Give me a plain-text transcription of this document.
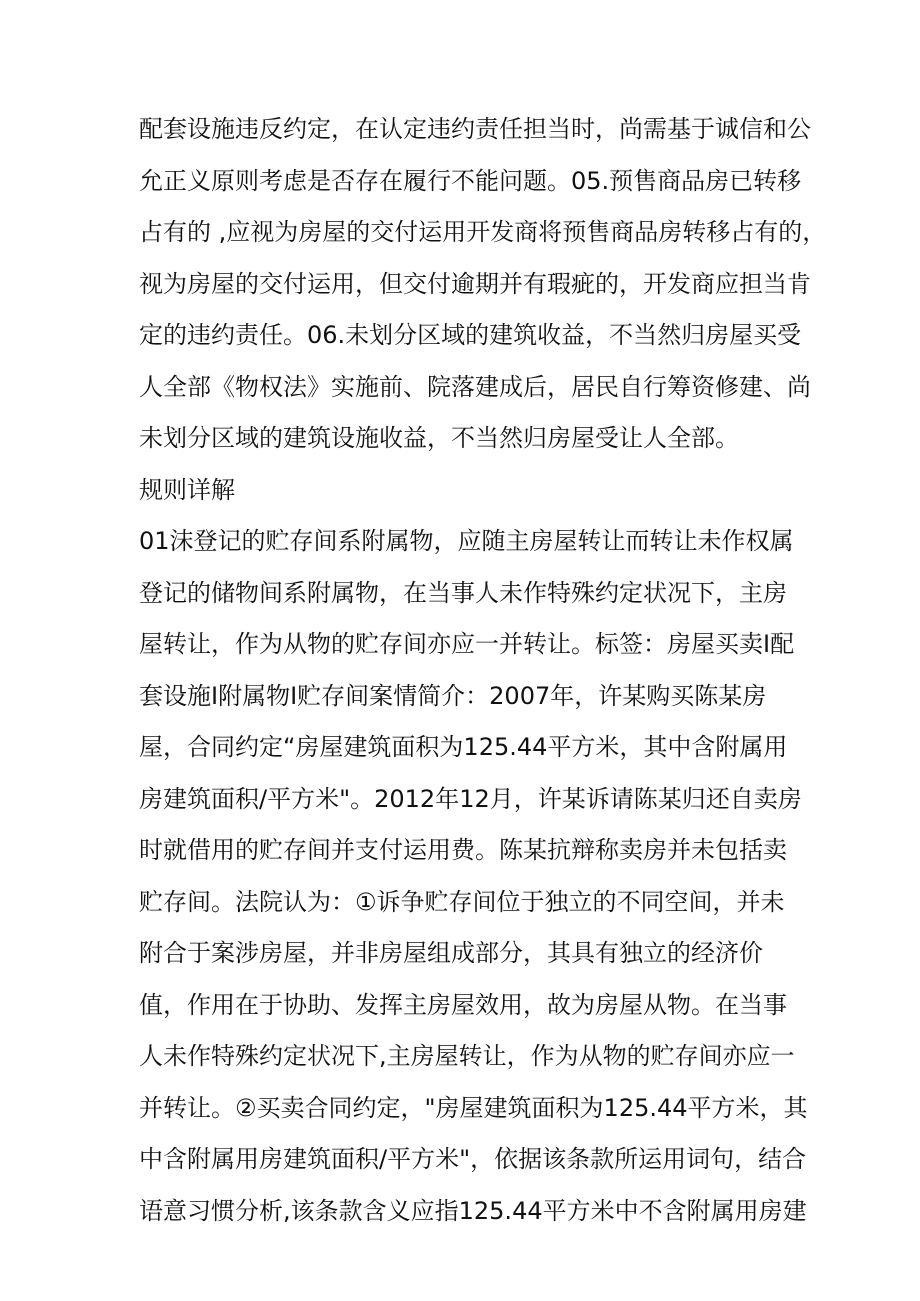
配套设施违反约定，在认定违约责任担当时，尚需基于诚信和公
允正义原则考虑是否存在履行不能问题。05.预售商品房已转移
占有的 ,应视为房屋的交付运用开发商将预售商品房转移占有的，
视为房屋的交付运用，但交付逾期并有瑕疵的，开发商应担当肯
定的违约责任。06.未划分区域的建筑收益，不当然归房屋买受
人全部《物权法》实施前、院落建成后，居民自行筹资修建、尚
未划分区域的建筑设施收益，不当然归房屋受让人全部。
规则详解
01沫登记的贮存间系附属物，应随主房屋转让而转让未作权属
登记的储物间系附属物，在当事人未作特殊约定状况下，主房
屋转让，作为从物的贮存间亦应一并转让。标签：房屋买卖I配
套设施I附属物I贮存间案情简介：2007年，许某购买陈某房
屋，合同约定“房屋建筑面积为125.44平方米，其中含附属用
房建筑面积/平方米"。2012年12月，许某诉请陈某归还自卖房
时就借用的贮存间并支付运用费。陈某抗辩称卖房并未包括卖
贮存间。法院认为：①诉争贮存间位于独立的不同空间，并未
附合于案涉房屋，并非房屋组成部分，其具有独立的经济价
值，作用在于协助、发挥主房屋效用，故为房屋从物。在当事
人未作特殊约定状况下,主房屋转让，作为从物的贮存间亦应一
并转让。②买卖合同约定，"房屋建筑面积为125.44平方米，其
中含附属用房建筑面积/平方米"，依据该条款所运用词句，结合
语意习惯分析,该条款含义应指125.44平方米中不含附属用房建
